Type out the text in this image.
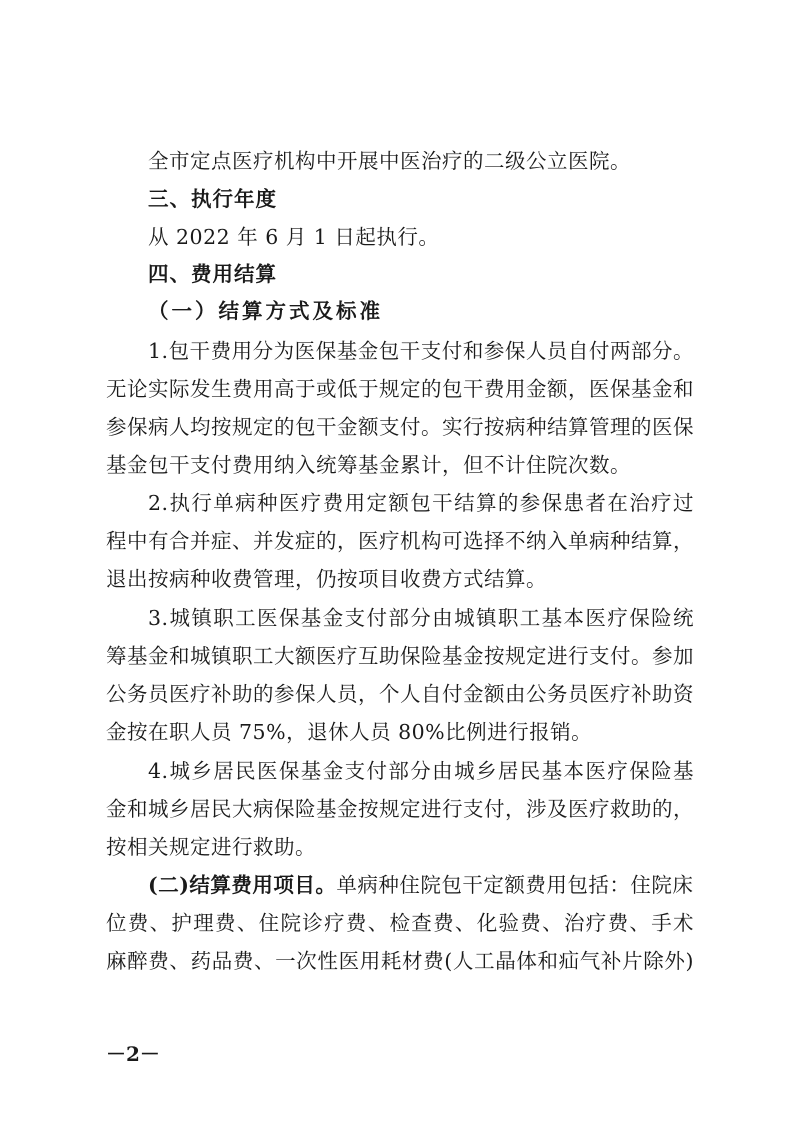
全市定点医疗机构中开展中医治疗的二级公立医院。
三、执行年度
从 2022 年 6 月 1 日起执行。
四、费用结算
（一）结算方式及标准
1.包干费用分为医保基金包干支付和参保人员自付两部分。
无论实际发生费用高于或低于规定的包干费用金额，医保基金和
参保病人均按规定的包干金额支付。实行按病种结算管理的医保
基金包干支付费用纳入统筹基金累计，但不计住院次数。
2.执行单病种医疗费用定额包干结算的参保患者在治疗过
程中有合并症、并发症的，医疗机构可选择不纳入单病种结算，
退出按病种收费管理，仍按项目收费方式结算。
3.城镇职工医保基金支付部分由城镇职工基本医疗保险统
筹基金和城镇职工大额医疗互助保险基金按规定进行支付。参加
公务员医疗补助的参保人员，个人自付金额由公务员医疗补助资
金按在职人员 75%，退休人员 80%比例进行报销。
4.城乡居民医保基金支付部分由城乡居民基本医疗保险基
金和城乡居民大病保险基金按规定进行支付，涉及医疗救助的，
按相关规定进行救助。
(二)结算费用项目。单病种住院包干定额费用包括：住院床
位费、护理费、住院诊疗费、检查费、化验费、治疗费、手术
麻醉费、药品费、一次性医用耗材费(人工晶体和疝气补片除外)
－2－
